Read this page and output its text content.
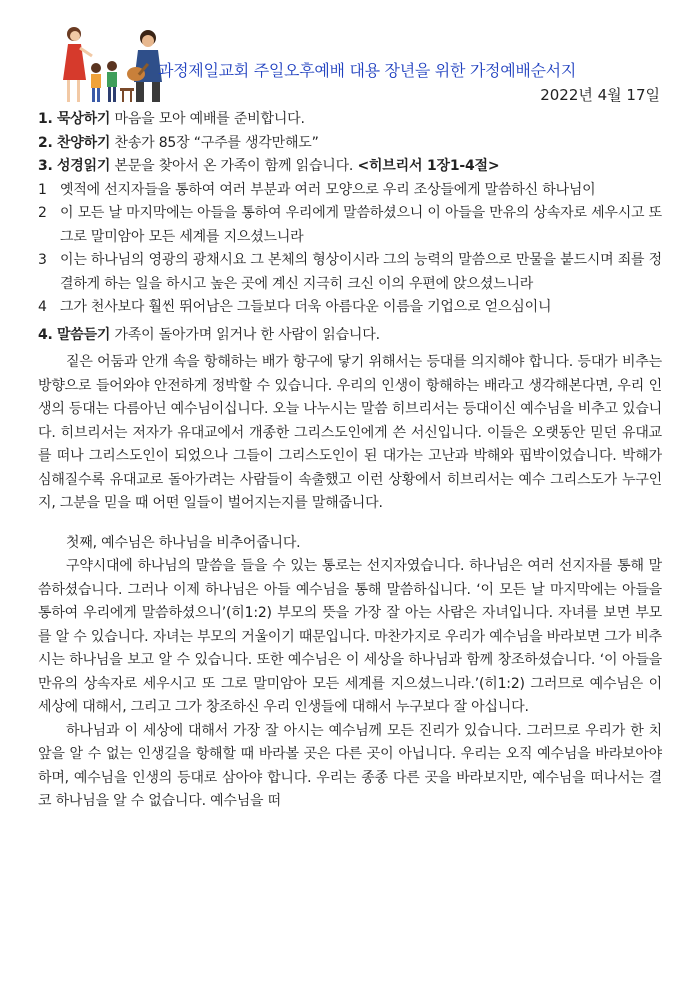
과정제일교회 주일오후예배 대용 장년을 위한 가정예배순서지
2022년 4월 17일

1. 묵상하기 마음을 모아 예배를 준비합니다.

2. 찬양하기 찬송가 85장 “구주를 생각만해도”

3. 성경읽기 본문을 찾아서 온 가족이 함께 읽습니다. <히브리서 1장1-4절>

1 옛적에 선지자들을 통하여 여러 부분과 여러 모양으로 우리 조상들에게 말씀하신 하나님이
2 이 모든 날 마지막에는 아들을 통하여 우리에게 말씀하셨으니 이 아들을 만유의 상속자로 세우시고 또 그로 말미암아 모든 세계를 지으셨느니라
3 이는 하나님의 영광의 광채시요 그 본체의 형상이시라 그의 능력의 말씀으로 만물을 붙드시며 죄를 정결하게 하는 일을 하시고 높은 곳에 계신 지극히 크신 이의 우편에 앉으셨느니라
4 그가 천사보다 훨씬 뛰어남은 그들보다 더욱 아름다운 이름을 기업으로 얻으심이니

4. 말씀듣기 가족이 돌아가며 읽거나 한 사람이 읽습니다.

짙은 어둠과 안개 속을 항해하는 배가 항구에 닿기 위해서는 등대를 의지해야 합니다. 등대가 비추는 방향으로 들어와야 안전하게 정박할 수 있습니다. 우리의 인생이 항해하는 배라고 생각해본다면, 우리 인생의 등대는 다름아닌 예수님이십니다. 오늘 나누시는 말씀 히브리서는 등대이신 예수님을 비추고 있습니다. 히브리서는 저자가 유대교에서 개종한 그리스도인에게 쓴 서신입니다. 이들은 오랫동안 믿던 유대교를 떠나 그리스도인이 되었으나 그들이 그리스도인이 된 대가는 고난과 박해와 핍박이었습니다. 박해가 심해질수록 유대교로 돌아가려는 사람들이 속출했고 이런 상황에서 히브리서는 예수 그리스도가 누구인지, 그분을 믿을 때 어떤 일들이 벌어지는지를 말해줍니다.

첫째, 예수님은 하나님을 비추어줍니다.

구약시대에 하나님의 말씀을 들을 수 있는 통로는 선지자였습니다. 하나님은 여러 선지자를 통해 말씀하셨습니다. 그러나 이제 하나님은 아들 예수님을 통해 말씀하십니다. ‘이 모든 날 마지막에는 아들을 통하여 우리에게 말씀하셨으니’(히1:2) 부모의 뜻을 가장 잘 아는 사람은 자녀입니다. 자녀를 보면 부모를 알 수 있습니다. 자녀는 부모의 거울이기 때문입니다. 마찬가지로 우리가 예수님을 바라보면 그가 비추시는 하나님을 보고 알 수 있습니다. 또한 예수님은 이 세상을 하나님과 함께 창조하셨습니다. ‘이 아들을 만유의 상속자로 세우시고 또 그로 말미암아 모든 세계를 지으셨느니라.’(히1:2) 그러므로 예수님은 이 세상에 대해서, 그리고 그가 창조하신 우리 인생들에 대해서 누구보다 잘 아십니다.

하나님과 이 세상에 대해서 가장 잘 아시는 예수님께 모든 진리가 있습니다. 그러므로 우리가 한 치 앞을 알 수 없는 인생길을 항해할 때 바라볼 곳은 다른 곳이 아닙니다. 우리는 오직 예수님을 바라보아야 하며, 예수님을 인생의 등대로 삼아야 합니다. 우리는 종종 다른 곳을 바라보지만, 예수님을 떠나서는 결코 하나님을 알 수 없습니다. 예수님을 떠
